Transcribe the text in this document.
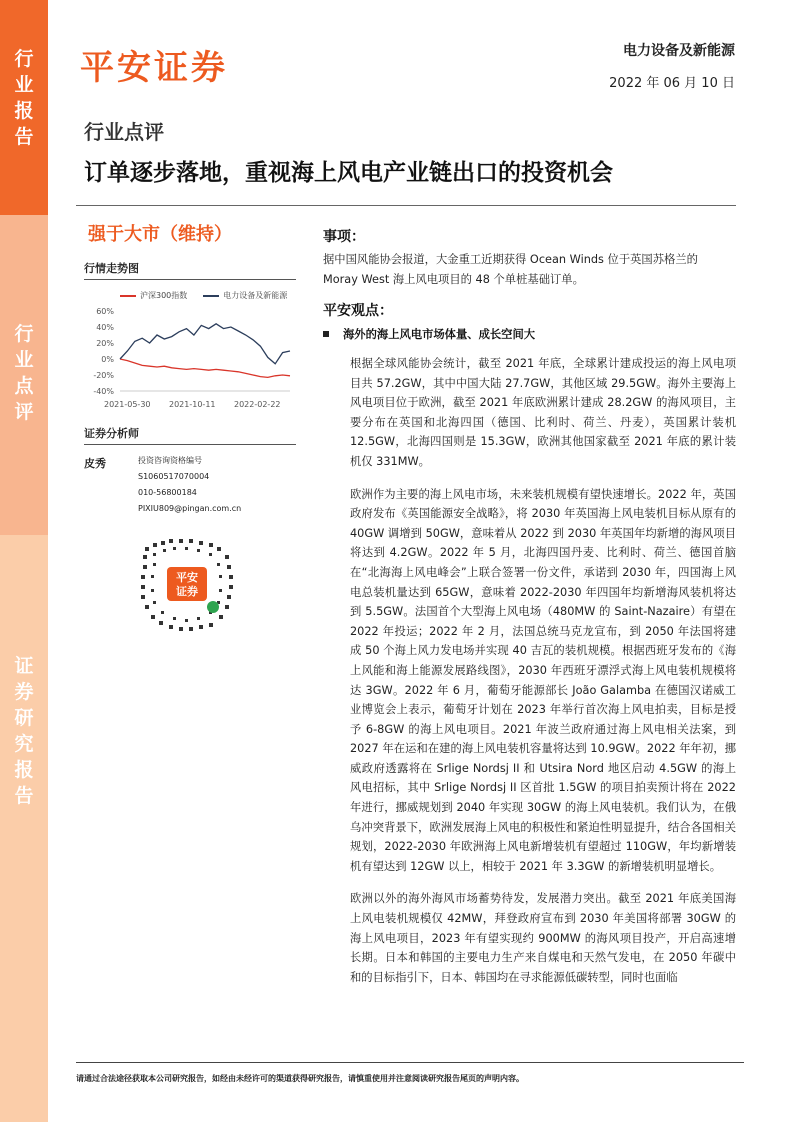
行
业
报
告
行
业
点
评
证
券
研
究
报
告
平安证券	电力设备及新能源
2022 年 06 月 10 日
行业点评
订单逐步落地，重视海上风电产业链出口的投资机会
强于大市（维持）
行情走势图
沪深300指数	电力设备及新能源
60%
40%
20%
0%
-20%
-40%
2021-05-30 2021-10-11 2022-02-22
证券分析师
皮秀	投资咨询资格编号
S1060517070004
010-56800184
PIXIU809@pingan.com.cn
平安
证券
事项：

据中国风能协会报道，大金重工近期获得 Ocean Winds 位于英国苏格兰的 Moray West 海上风电项目的 48 个单桩基础订单。

平安观点：
海外的海上风电市场体量、成长空间大

根据全球风能协会统计，截至 2021 年底，全球累计建成投运的海上风电项目共 57.2GW，其中中国大陆 27.7GW，其他区域 29.5GW。海外主要海上风电项目位于欧洲，截至 2021 年底欧洲累计建成 28.2GW 的海风项目，主要分布在英国和北海四国（德国、比利时、荷兰、丹麦），英国累计装机 12.5GW，北海四国则是 15.3GW，欧洲其他国家截至 2021 年底的累计装机仅 331MW。

欧洲作为主要的海上风电市场，未来装机规模有望快速增长。2022 年，英国政府发布《英国能源安全战略》，将 2030 年英国海上风电装机目标从原有的 40GW 调增到 50GW，意味着从 2022 到 2030 年英国年均新增的海风项目将达到 4.2GW。2022 年 5 月，北海四国丹麦、比利时、荷兰、德国首脑在“北海海上风电峰会”上联合签署一份文件，承诺到 2030 年，四国海上风电总装机量达到 65GW，意味着 2022-2030 年四国年均新增海风装机将达到 5.5GW。法国首个大型海上风电场（480MW 的 Saint-Nazaire）有望在 2022 年投运；2022 年 2 月，法国总统马克龙宣布，到 2050 年法国将建成 50 个海上风力发电场并实现 40 吉瓦的装机规模。根据西班牙发布的《海上风能和海上能源发展路线图》，2030 年西班牙漂浮式海上风电装机规模将达 3GW。2022 年 6 月，葡萄牙能源部长 João Galamba 在德国汉诺威工业博览会上表示，葡萄牙计划在 2023 年举行首次海上风电拍卖，目标是授予 6-8GW 的海上风电项目。2021 年波兰政府通过海上风电相关法案，到 2027 年在运和在建的海上风电装机容量将达到 10.9GW。2022 年年初，挪威政府透露将在 Srlige Nordsj II 和 Utsira Nord 地区启动 4.5GW 的海上风电招标，其中 Srlige Nordsj II 区首批 1.5GW 的项目拍卖预计将在 2022 年进行，挪威规划到 2040 年实现 30GW 的海上风电装机。我们认为，在俄乌冲突背景下，欧洲发展海上风电的积极性和紧迫性明显提升，结合各国相关规划，2022-2030 年欧洲海上风电新增装机有望超过 110GW，年均新增装机有望达到 12GW 以上，相较于 2021 年 3.3GW 的新增装机明显增长。

欧洲以外的海外海风市场蓄势待发，发展潜力突出。截至 2021 年底美国海上风电装机规模仅 42MW，拜登政府宣布到 2030 年美国将部署 30GW 的海上风电项目，2023 年有望实现约 900MW 的海风项目投产，开启高速增长期。日本和韩国的主要电力生产来自煤电和天然气发电，在 2050 年碳中和的目标指引下，日本、韩国均在寻求能源低碳转型，同时也面临

请通过合法途径获取本公司研究报告，如经由未经许可的渠道获得研究报告，请慎重使用并注意阅读研究报告尾页的声明内容。
